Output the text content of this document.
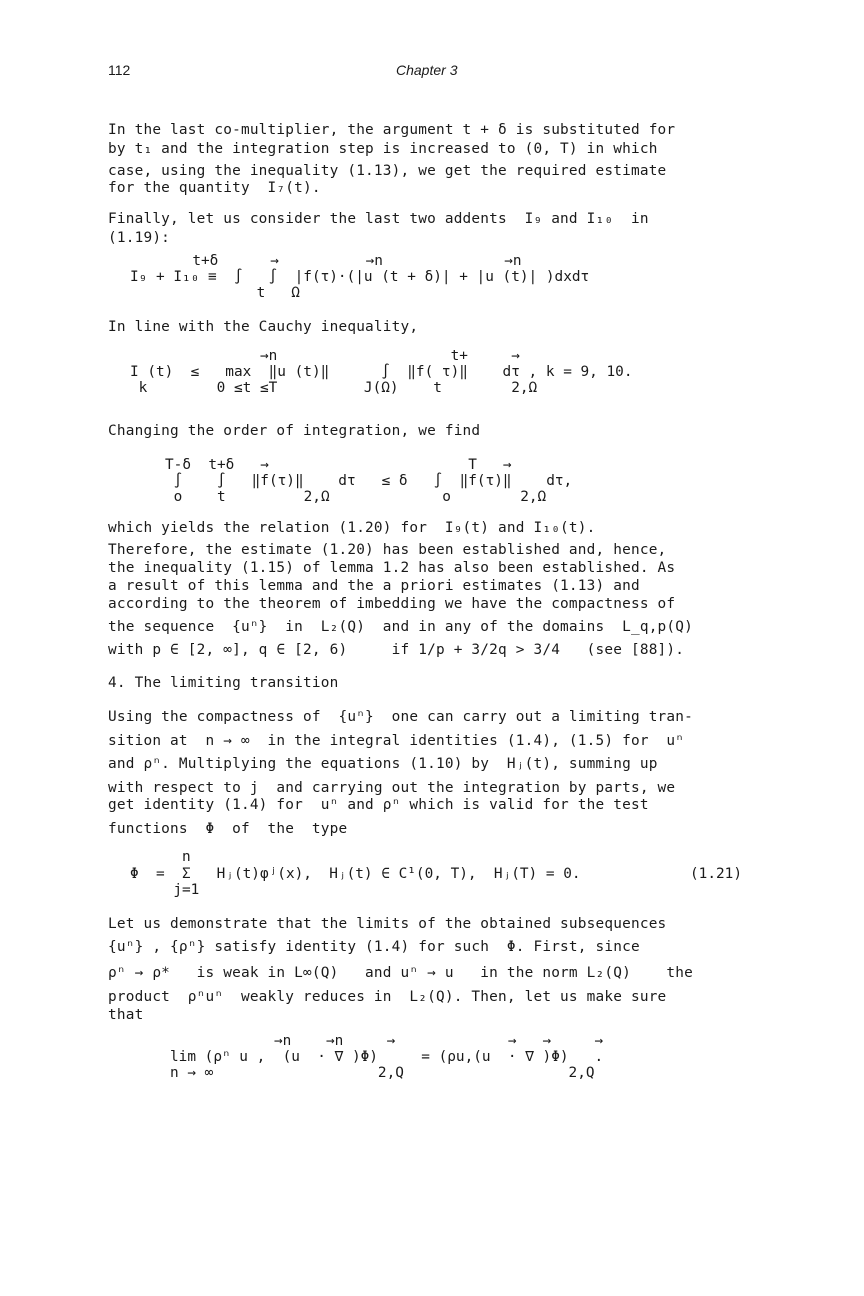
112	Chapter 3
In the last co-multiplier, the argument t + δ is substituted for
by t₁ and the integration step is increased to (0, T) in which
case, using the inequality (1.13), we get the required estimate
for the quantity  I₇(t).
Finally, let us consider the last two addents  I₉ and I₁₀  in
(1.19):
t+δ      →          →n              →n
I₉ + I₁₀ ≡  ∫   ∫  |f(τ)·(|u (t + δ)| + |u (t)| )dxdτ
t   Ω
In line with the Cauchy inequality,
→n                    t+     →
I (t)  ≤   max  ‖u (t)‖      ∫  ‖f( τ)‖    dτ , k = 9, 10.
k        0 ≤t ≤T          J(Ω)    t        2,Ω
Changing the order of integration, we find
T-δ  t+δ   →                       T   →
∫    ∫   ‖f(τ)‖    dτ   ≤ δ   ∫  ‖f(τ)‖    dτ,
o    t         2,Ω             o        2,Ω
which yields the relation (1.20) for  I₉(t) and I₁₀(t).
Therefore, the estimate (1.20) has been established and, hence,
the inequality (1.15) of lemma 1.2 has also been established. As
a result of this lemma and the a priori estimates (1.13) and
according to the theorem of imbedding we have the compactness of
the sequence  {uⁿ}  in  L₂(Q)  and in any of the domains  L_q,p(Q)
with p ∈ [2, ∞], q ∈ [2, 6)     if 1/p + 3/2q > 3/4   (see [88]).
4. The limiting transition
Using the compactness of  {uⁿ}  one can carry out a limiting tran-
sition at  n → ∞  in the integral identities (1.4), (1.5) for  uⁿ
and ρⁿ. Multiplying the equations (1.10) by  Hⱼ(t), summing up
with respect to j  and carrying out the integration by parts, we
get identity (1.4) for  uⁿ and ρⁿ which is valid for the test
functions  Φ  of  the  type
n
Φ  =  Σ   Hⱼ(t)φʲ(x),  Hⱼ(t) ∈ C¹(0, T),  Hⱼ(T) = 0.
j=1
(1.21)
Let us demonstrate that the limits of the obtained subsequences
{uⁿ} , {ρⁿ} satisfy identity (1.4) for such  Φ. First, since
ρⁿ → ρ*   is weak in L∞(Q)   and uⁿ → u   in the norm L₂(Q)    the
product  ρⁿuⁿ  weakly reduces in  L₂(Q). Then, let us make sure
that
→n    →n     →             →   →     →
lim (ρⁿ u ,  (u  · ∇ )Φ)     = (ρu,(u  · ∇ )Φ)   .
n → ∞                   2,Q                   2,Q
